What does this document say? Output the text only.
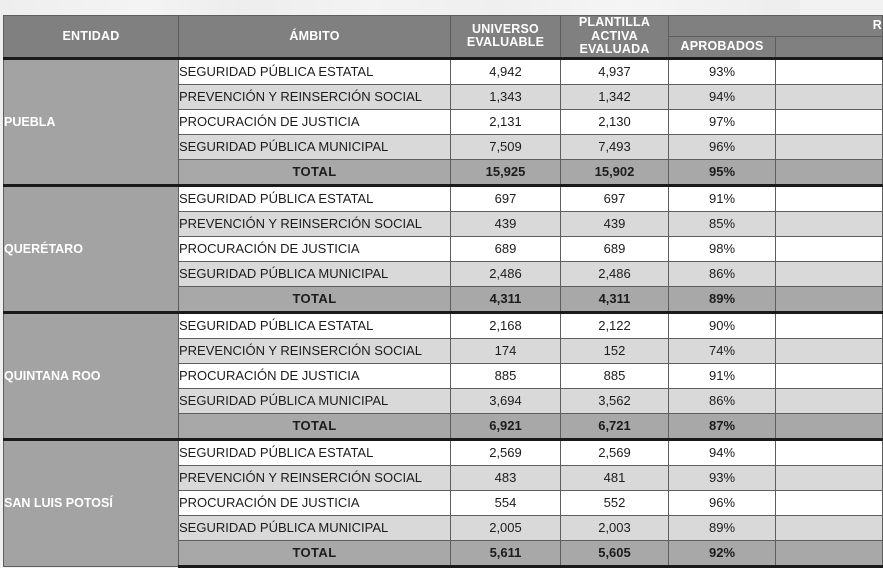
ENTIDAD	ÁMBITO	UNIVERSO EVALUABLE	PLANTILLA ACTIVA EVALUADA	R	
				APROBADOS	
PUEBLA	SEGURIDAD PÚBLICA ESTATAL	4,942	4,937	93%	
	PREVENCIÓN Y REINSERCIÓN SOCIAL	1,343	1,342	94%	
	PROCURACIÓN DE JUSTICIA	2,131	2,130	97%	
	SEGURIDAD PÚBLICA MUNICIPAL	7,509	7,493	96%	
	TOTAL	15,925	15,902	95%	
QUERÉTARO	SEGURIDAD PÚBLICA ESTATAL	697	697	91%	
	PREVENCIÓN Y REINSERCIÓN SOCIAL	439	439	85%	
	PROCURACIÓN DE JUSTICIA	689	689	98%	
	SEGURIDAD PÚBLICA MUNICIPAL	2,486	2,486	86%	
	TOTAL	4,311	4,311	89%	
QUINTANA ROO	SEGURIDAD PÚBLICA ESTATAL	2,168	2,122	90%	
	PREVENCIÓN Y REINSERCIÓN SOCIAL	174	152	74%	
	PROCURACIÓN DE JUSTICIA	885	885	91%	
	SEGURIDAD PÚBLICA MUNICIPAL	3,694	3,562	86%	
	TOTAL	6,921	6,721	87%	
SAN LUIS POTOSÍ	SEGURIDAD PÚBLICA ESTATAL	2,569	2,569	94%	
	PREVENCIÓN Y REINSERCIÓN SOCIAL	483	481	93%	
	PROCURACIÓN DE JUSTICIA	554	552	96%	
	SEGURIDAD PÚBLICA MUNICIPAL	2,005	2,003	89%	
	TOTAL	5,611	5,605	92%	
